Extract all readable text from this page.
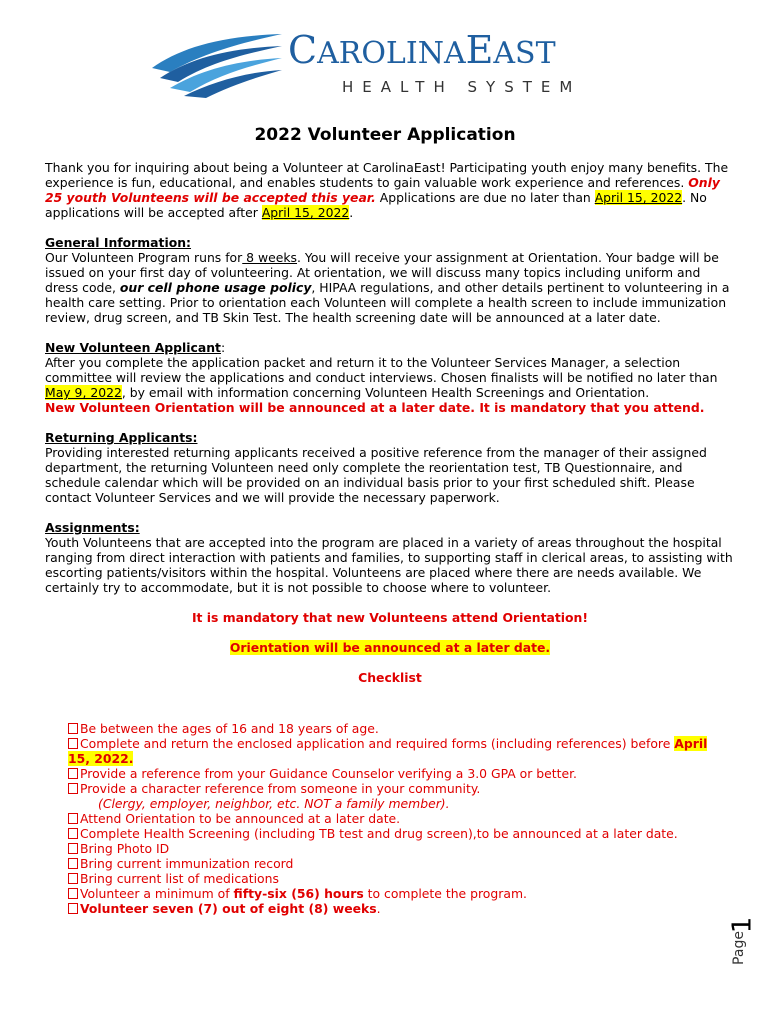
CAROLINAEAST
HEALTH SYSTEM
2022 Volunteer Application

Thank you for inquiring about being a Volunteer at CarolinaEast! Participating youth enjoy many benefits. The experience is fun, educational, and enables students to gain valuable work experience and references. Only 25 youth Volunteens will be accepted this year. Applications are due no later than April 15, 2022. No applications will be accepted after April 15, 2022.

General Information:
Our Volunteen Program runs for 8 weeks. You will receive your assignment at Orientation. Your badge will be issued on your first day of volunteering. At orientation, we will discuss many topics including uniform and dress code, our cell phone usage policy, HIPAA regulations, and other details pertinent to volunteering in a health care setting. Prior to orientation each Volunteen will complete a health screen to include immunization review, drug screen, and TB Skin Test. The health screening date will be announced at a later date.

New Volunteen Applicant:
After you complete the application packet and return it to the Volunteer Services Manager, a selection committee will review the applications and conduct interviews. Chosen finalists will be notified no later than May 9, 2022, by email with information concerning Volunteen Health Screenings and Orientation.
New Volunteen Orientation will be announced at a later date. It is mandatory that you attend.

Returning Applicants:
Providing interested returning applicants received a positive reference from the manager of their assigned department, the returning Volunteen need only complete the reorientation test, TB Questionnaire, and schedule calendar which will be provided on an individual basis prior to your first scheduled shift. Please contact Volunteer Services and we will provide the necessary paperwork.

Assignments:
Youth Volunteens that are accepted into the program are placed in a variety of areas throughout the hospital ranging from direct interaction with patients and families, to supporting staff in clerical areas, to assisting with escorting patients/visitors within the hospital. Volunteens are placed where there are needs available. We certainly try to accommodate, but it is not possible to choose where to volunteer.

It is mandatory that new Volunteens attend Orientation!

Orientation will be announced at a later date.

Checklist

Be between the ages of 16 and 18 years of age.
Complete and return the enclosed application and required forms (including references) before April 15, 2022.
Provide a reference from your Guidance Counselor verifying a 3.0 GPA or better.
Provide a character reference from someone in your community.
(Clergy, employer, neighbor, etc. NOT a family member).
Attend Orientation to be announced at a later date.
Complete Health Screening (including TB test and drug screen),to be announced at a later date.
Bring Photo ID
Bring current immunization record
Bring current list of medications
Volunteer a minimum of fifty-six (56) hours to complete the program.
Volunteer seven (7) out of eight (8) weeks.
1
Page
